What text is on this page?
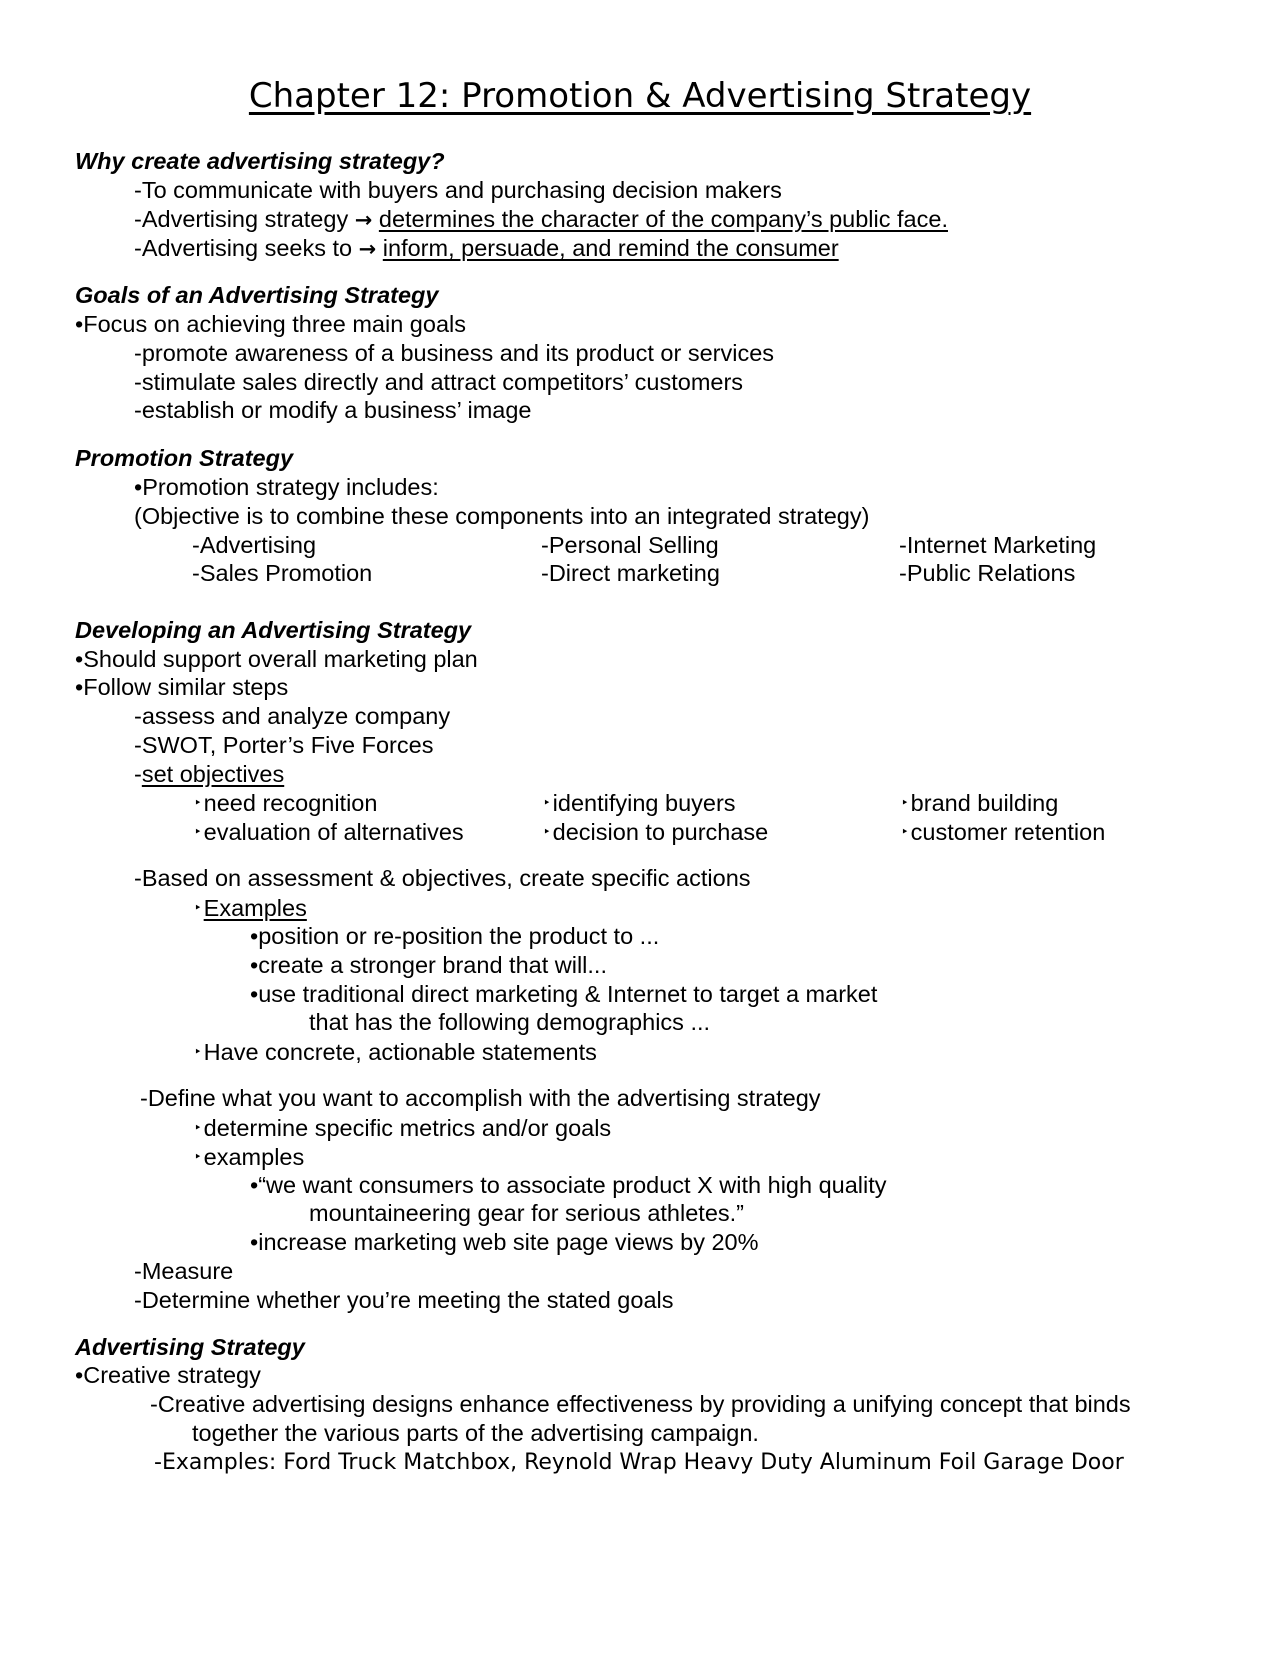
Chapter 12: Promotion & Advertising Strategy
Why create advertising strategy?
-To communicate with buyers and purchasing decision makers
-Advertising strategy → determines the character of the company’s public face.
-Advertising seeks to → inform, persuade, and remind the consumer
Goals of an Advertising Strategy
•Focus on achieving three main goals
-promote awareness of a business and its product or services
-stimulate sales directly and attract competitors’ customers
-establish or modify a business’ image
Promotion Strategy
•Promotion strategy includes:
(Objective is to combine these components into an integrated strategy)
-Advertising
-Sales Promotion
-Personal Selling
-Direct marketing
-Internet Marketing
-Public Relations
Developing an Advertising Strategy
•Should support overall marketing plan
•Follow similar steps
-assess and analyze company
-SWOT, Porter’s Five Forces
-set objectives
‣need recognition
‣evaluation of alternatives
‣identifying buyers
‣decision to purchase
‣brand building
‣customer retention
-Based on assessment & objectives, create specific actions
‣Examples
•position or re-position the product to ...
•create a stronger brand that will...
•use traditional direct marketing & Internet to target a market
that has the following demographics ...
‣Have concrete, actionable statements
-Define what you want to accomplish with the advertising strategy
‣determine specific metrics and/or goals
‣examples
•“we want consumers to associate product X with high quality
mountaineering gear for serious athletes.”
•increase marketing web site page views by 20%
-Measure
-Determine whether you’re meeting the stated goals
Advertising Strategy
•Creative strategy
-Creative advertising designs enhance effectiveness by providing a unifying concept that binds
together the various parts of the advertising campaign.
-Examples: Ford Truck Matchbox, Reynold Wrap Heavy Duty Aluminum Foil Garage Door
